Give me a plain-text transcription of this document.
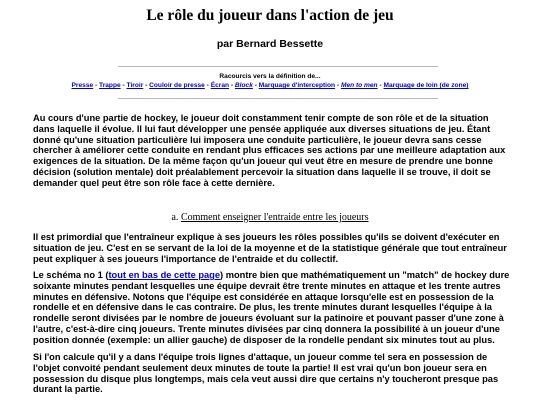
Le rôle du joueur dans l'action de jeu
par Bernard Bessette
Racourcis vers la définition de...
Presse - Trappe - Tiroir - Couloir de presse - Écran - Block - Marquage d'interception - Men to men - Marquage de loin (de zone)
Au cours d'une partie de hockey, le joueur doit constamment tenir compte de son rôle et de la situation dans laquelle il évolue. Il lui faut développer une pensée appliquée aux diverses situations de jeu. Étant donné qu'une situation particulière lui imposera une conduite particulière, le joueur devra sans cesse chercher à améliorer cette conduite en rendant plus efficaces ses actions par une meilleure adaptation aux exigences de la situation. De la même façon qu'un joueur qui veut être en mesure de prendre une bonne décision (solution mentale) doit préalablement percevoir la situation dans laquelle il se trouve, il doit se demander quel peut être son rôle face à cette dernière.
a. Comment enseigner l'entraide entre les joueurs
Il est primordial que l'entraîneur explique à ses joueurs les rôles possibles qu'ils se doivent d'exécuter en situation de jeu. C'est en se servant de la loi de la moyenne et de la statistique générale que tout entraîneur peut expliquer à ses joueurs l'importance de l'entraide et du collectif.
Le schéma no 1 (tout en bas de cette page) montre bien que mathématiquement un "match" de hockey dure soixante minutes pendant lesquelles une équipe devrait être trente minutes en attaque et les trente autres minutes en défensive. Notons que l'équipe est considérée en attaque lorsqu'elle est en possession de la rondelle et en défensive dans le cas contraire. De plus, les trente minutes durant lesquelles l'équipe à la rondelle seront divisées par le nombre de joueurs évoluant sur la patinoire et pouvant passer d'une zone à l'autre, c'est-à-dire cinq joueurs. Trente minutes divisées par cinq donnera la possibilité à un joueur d'une position donnée (exemple: un allier gauche) de disposer de la rondelle pendant six minutes tout au plus.
Si l'on calcule qu'il y a dans l'équipe trois lignes d'attaque, un joueur comme tel sera en possession de l'objet convoité pendant seulement deux minutes de toute la partie! Il est vrai qu'un bon joueur sera en possession du disque plus longtemps, mais cela veut aussi dire que certains n'y toucheront presque pas durant la partie.
